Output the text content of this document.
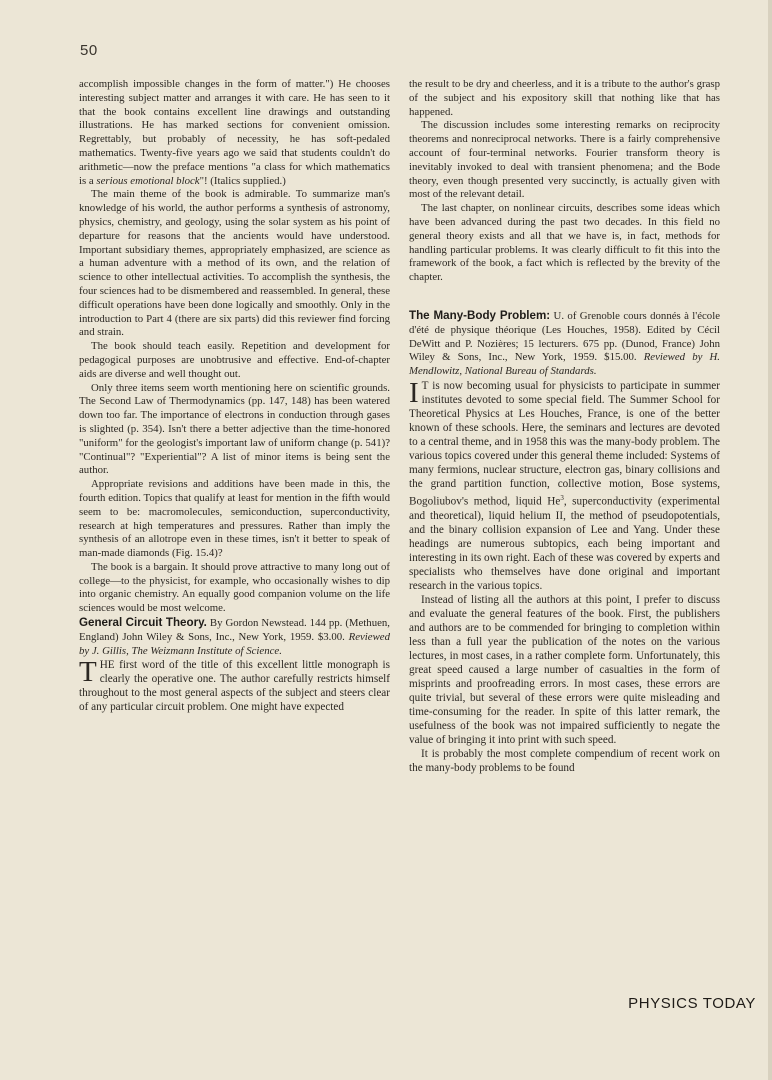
50

accomplish impossible changes in the form of matter.") He chooses interesting subject matter and arranges it with care. He has seen to it that the book contains excellent line drawings and outstanding illustrations. He has marked sections for convenient omission. Regrettably, but probably of necessity, he has soft-pedaled mathematics. Twenty-five years ago we said that students couldn't do arithmetic—now the preface mentions "a class for which mathematics is a serious emotional block"! (Italics supplied.)

The main theme of the book is admirable. To summarize man's knowledge of his world, the author performs a synthesis of astronomy, physics, chemistry, and geology, using the solar system as his point of departure for reasons that the ancients would have understood. Important subsidiary themes, appropriately emphasized, are science as a human adventure with a method of its own, and the relation of science to other intellectual activities. To accomplish the synthesis, the four sciences had to be dismembered and reassembled. In general, these difficult operations have been done logically and smoothly. Only in the introduction to Part 4 (there are six parts) did this reviewer find forcing and strain.

The book should teach easily. Repetition and development for pedagogical purposes are unobtrusive and effective. End-of-chapter aids are diverse and well thought out.

Only three items seem worth mentioning here on scientific grounds. The Second Law of Thermodynamics (pp. 147, 148) has been watered down too far. The importance of electrons in conduction through gases is slighted (p. 354). Isn't there a better adjective than the time-honored "uniform" for the geologist's important law of uniform change (p. 541)? "Continual"? "Experiential"? A list of minor items is being sent the author.

Appropriate revisions and additions have been made in this, the fourth edition. Topics that qualify at least for mention in the fifth would seem to be: macromolecules, semiconduction, superconductivity, research at high temperatures and pressures. Rather than imply the synthesis of an allotrope even in these times, isn't it better to speak of man-made diamonds (Fig. 15.4)?

The book is a bargain. It should prove attractive to many long out of college—to the physicist, for example, who occasionally wishes to dip into organic chemistry. An equally good companion volume on the life sciences would be most welcome.

General Circuit Theory. By Gordon Newstead. 144 pp. (Methuen, England) John Wiley & Sons, Inc., New York, 1959. $3.00. Reviewed by J. Gillis, The Weizmann Institute of Science.

THE first word of the title of this excellent little monograph is clearly the operative one. The author carefully restricts himself throughout to the most general aspects of the subject and steers clear of any particular circuit problem. One might have expected

the result to be dry and cheerless, and it is a tribute to the author's grasp of the subject and his expository skill that nothing like that has happened.

The discussion includes some interesting remarks on reciprocity theorems and nonreciprocal networks. There is a fairly comprehensive account of four-terminal networks. Fourier transform theory is inevitably invoked to deal with transient phenomena; and the Bode theory, even though presented very succinctly, is actually given with most of the relevant detail.

The last chapter, on nonlinear circuits, describes some ideas which have been advanced during the past two decades. In this field no general theory exists and all that we have is, in fact, methods for handling particular problems. It was clearly difficult to fit this into the framework of the book, a fact which is reflected by the brevity of the chapter.

The Many-Body Problem: U. of Grenoble cours donnés à l'école d'été de physique théorique (Les Houches, 1958). Edited by Cécil DeWitt and P. Nozières; 15 lecturers. 675 pp. (Dunod, France) John Wiley & Sons, Inc., New York, 1959. $15.00. Reviewed by H. Mendlowitz, National Bureau of Standards.

I T is now becoming usual for physicists to participate in summer institutes devoted to some special field. The Summer School for Theoretical Physics at Les Houches, France, is one of the better known of these schools. Here, the seminars and lectures are devoted to a central theme, and in 1958 this was the many-body problem. The various topics covered under this general theme included: Systems of many fermions, nuclear structure, electron gas, binary collisions and the grand partition function, collective motion, Bose systems, Bogoliubov's method, liquid He$^3$, superconductivity (experimental and theoretical), liquid helium II, the method of pseudopotentials, and the binary collision expansion of Lee and Yang. Under these headings are numerous subtopics, each being important and interesting in its own right. Each of these was covered by experts and specialists who themselves have done original and important research in the various topics.

Instead of listing all the authors at this point, I prefer to discuss and evaluate the general features of the book. First, the publishers and authors are to be commended for bringing to completion within less than a full year the publication of the notes on the various lectures, in most cases, in a rather complete form. Unfortunately, this great speed caused a large number of casualties in the form of misprints and proofreading errors. In most cases, these errors are quite trivial, but several of these errors were quite misleading and time-consuming for the reader. In spite of this latter remark, the usefulness of the book was not impaired sufficiently to negate the value of bringing it into print with such speed.

It is probably the most complete compendium of recent work on the many-body problems to be found

PHYSICS TODAY
